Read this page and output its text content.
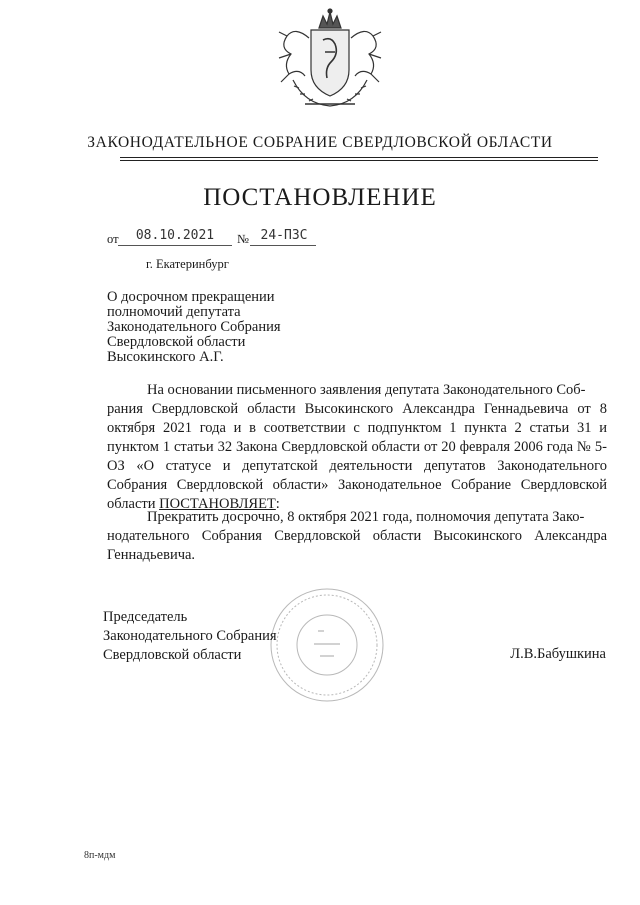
ЗАКОНОДАТЕЛЬНОЕ СОБРАНИЕ СВЕРДЛОВСКОЙ ОБЛАСТИ
ПОСТАНОВЛЕНИЕ
от	08.10.2021	№ 24-ПЗС
г. Екатеринбург
О досрочном прекращении
полномочий депутата
Законодательного Собрания
Свердловской области
Высокинского А.Г.
На основании письменного заявления депутата Законодательного Соб-
рания Свердловской области Высокинского Александра Геннадьевича от 8 октября 2021 года и в соответствии с подпунктом 1 пункта 2 статьи 31 и пунктом 1 статьи 32 Закона Свердловской области от 20 февраля 2006 года № 5-ОЗ «О статусе и депутатской деятельности депутатов Законодательного Собрания Свердловской области» Законодательное Собрание Свердловской области ПОСТАНОВЛЯЕТ:
Прекратить досрочно, 8 октября 2021 года, полномочия депутата Зако-
нодательного Собрания Свердловской области Высокинского Александра Геннадьевича.
Председатель
Законодательного Собрания
Свердловской области	Л.В.Бабушкина
8п-мдм
